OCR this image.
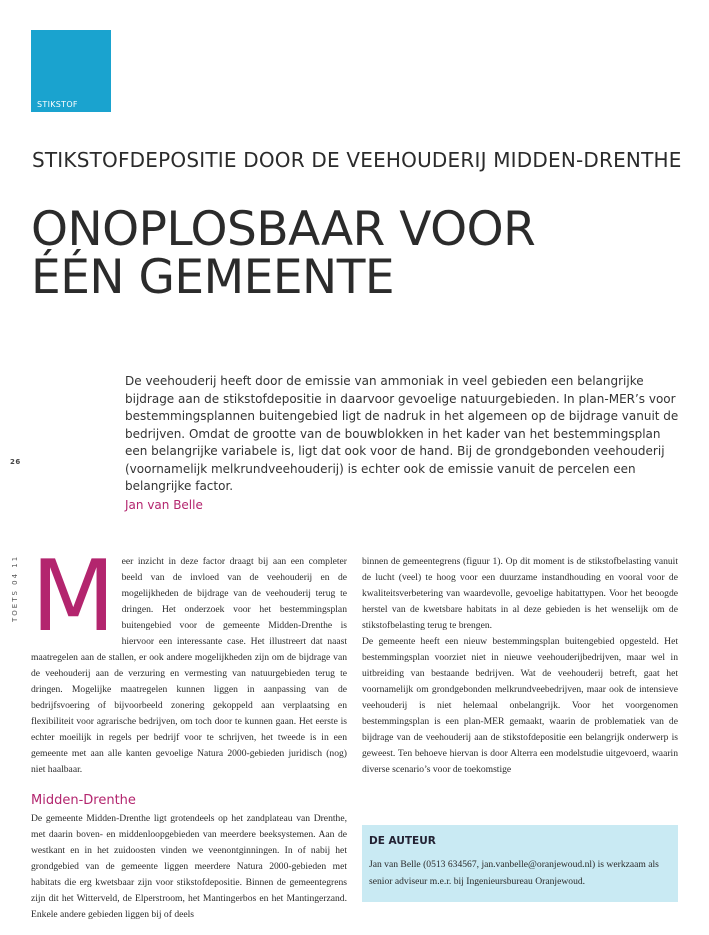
STIKSTOF
STIKSTOFDEPOSITIE DOOR DE VEEHOUDERIJ MIDDEN-DRENTHE
ONOPLOSBAAR VOOR
ÉÉN GEMEENTE

De veehouderij heeft door de emissie van ammoniak in veel gebieden een belangrijke bijdrage aan de stikstofdepositie in daarvoor gevoelige natuurgebieden. In plan-MER’s voor bestemmingsplannen buitengebied ligt de nadruk in het algemeen op de bijdrage vanuit de bedrijven. Omdat de grootte van de bouwblokken in het kader van het bestemmingsplan een belangrijke variabele is, ligt dat ook voor de hand. Bij de grondgebonden veehouderij (voornamelijk melkrundveehouderij) is echter ook de emissie vanuit de percelen een belangrijke factor.

Jan van Belle

26
TOETS 04 11 M eer inzicht in deze factor draagt bij aan een completer beeld van de invloed van de veehouderij en de mogelijkheden de bijdrage van de veehouderij terug te dringen. Het onderzoek voor het bestemmingsplan buitengebied voor de gemeente Midden-Drenthe is hiervoor een interessante case. Het illustreert dat naast maatregelen aan de stallen, er ook andere mogelijkheden zijn om de bijdrage van de veehouderij aan de verzuring en vermesting van natuurgebieden terug te dringen. Mogelijke maatregelen kunnen liggen in aanpassing van de bedrijfsvoering of bijvoorbeeld zonering gekoppeld aan verplaatsing en flexibiliteit voor agrarische bedrijven, om toch door te kunnen gaan. Het eerste is echter moeilijk in regels per bedrijf voor te schrijven, het tweede is in een gemeente met aan alle kanten gevoelige Natura 2000-gebieden juridisch (nog) niet haalbaar.

Midden-Drenthe

De gemeente Midden-Drenthe ligt grotendeels op het zandplateau van Drenthe, met daarin boven- en middenloopgebieden van meerdere beeksystemen. Aan de westkant en in het zuidoosten vinden we veenontginningen. In of nabij het grondgebied van de gemeente liggen meerdere Natura 2000-gebieden met habitats die erg kwetsbaar zijn voor stikstofdepositie. Binnen de gemeentegrens zijn dit het Witterveld, de Elperstroom, het Mantingerbos en het Mantingerzand. Enkele andere gebieden liggen bij of deels

binnen de gemeentegrens (figuur 1). Op dit moment is de stikstofbelasting vanuit de lucht (veel) te hoog voor een duurzame instandhouding en vooral voor de kwaliteitsverbetering van waardevolle, gevoelige habitattypen. Voor het beoogde herstel van de kwetsbare habitats in al deze gebieden is het wenselijk om de stikstofbelasting terug te brengen.

De gemeente heeft een nieuw bestemmingsplan buitengebied opgesteld. Het bestemmingsplan voorziet niet in nieuwe veehouderijbedrijven, maar wel in uitbreiding van bestaande bedrijven. Wat de veehouderij betreft, gaat het voornamelijk om grondgebonden melkrundveebedrijven, maar ook de intensieve veehouderij is niet helemaal onbelangrijk. Voor het voorgenomen bestemmingsplan is een plan-MER gemaakt, waarin de problematiek van de bijdrage van de veehouderij aan de stikstofdepositie een belangrijk onderwerp is geweest. Ten behoeve hiervan is door Alterra een modelstudie uitgevoerd, waarin diverse scenario’s voor de toekomstige

DE AUTEUR
Jan van Belle (0513 634567, jan.vanbelle@oranjewoud.nl) is werkzaam als senior adviseur m.e.r. bij Ingenieursbureau Oranjewoud.
